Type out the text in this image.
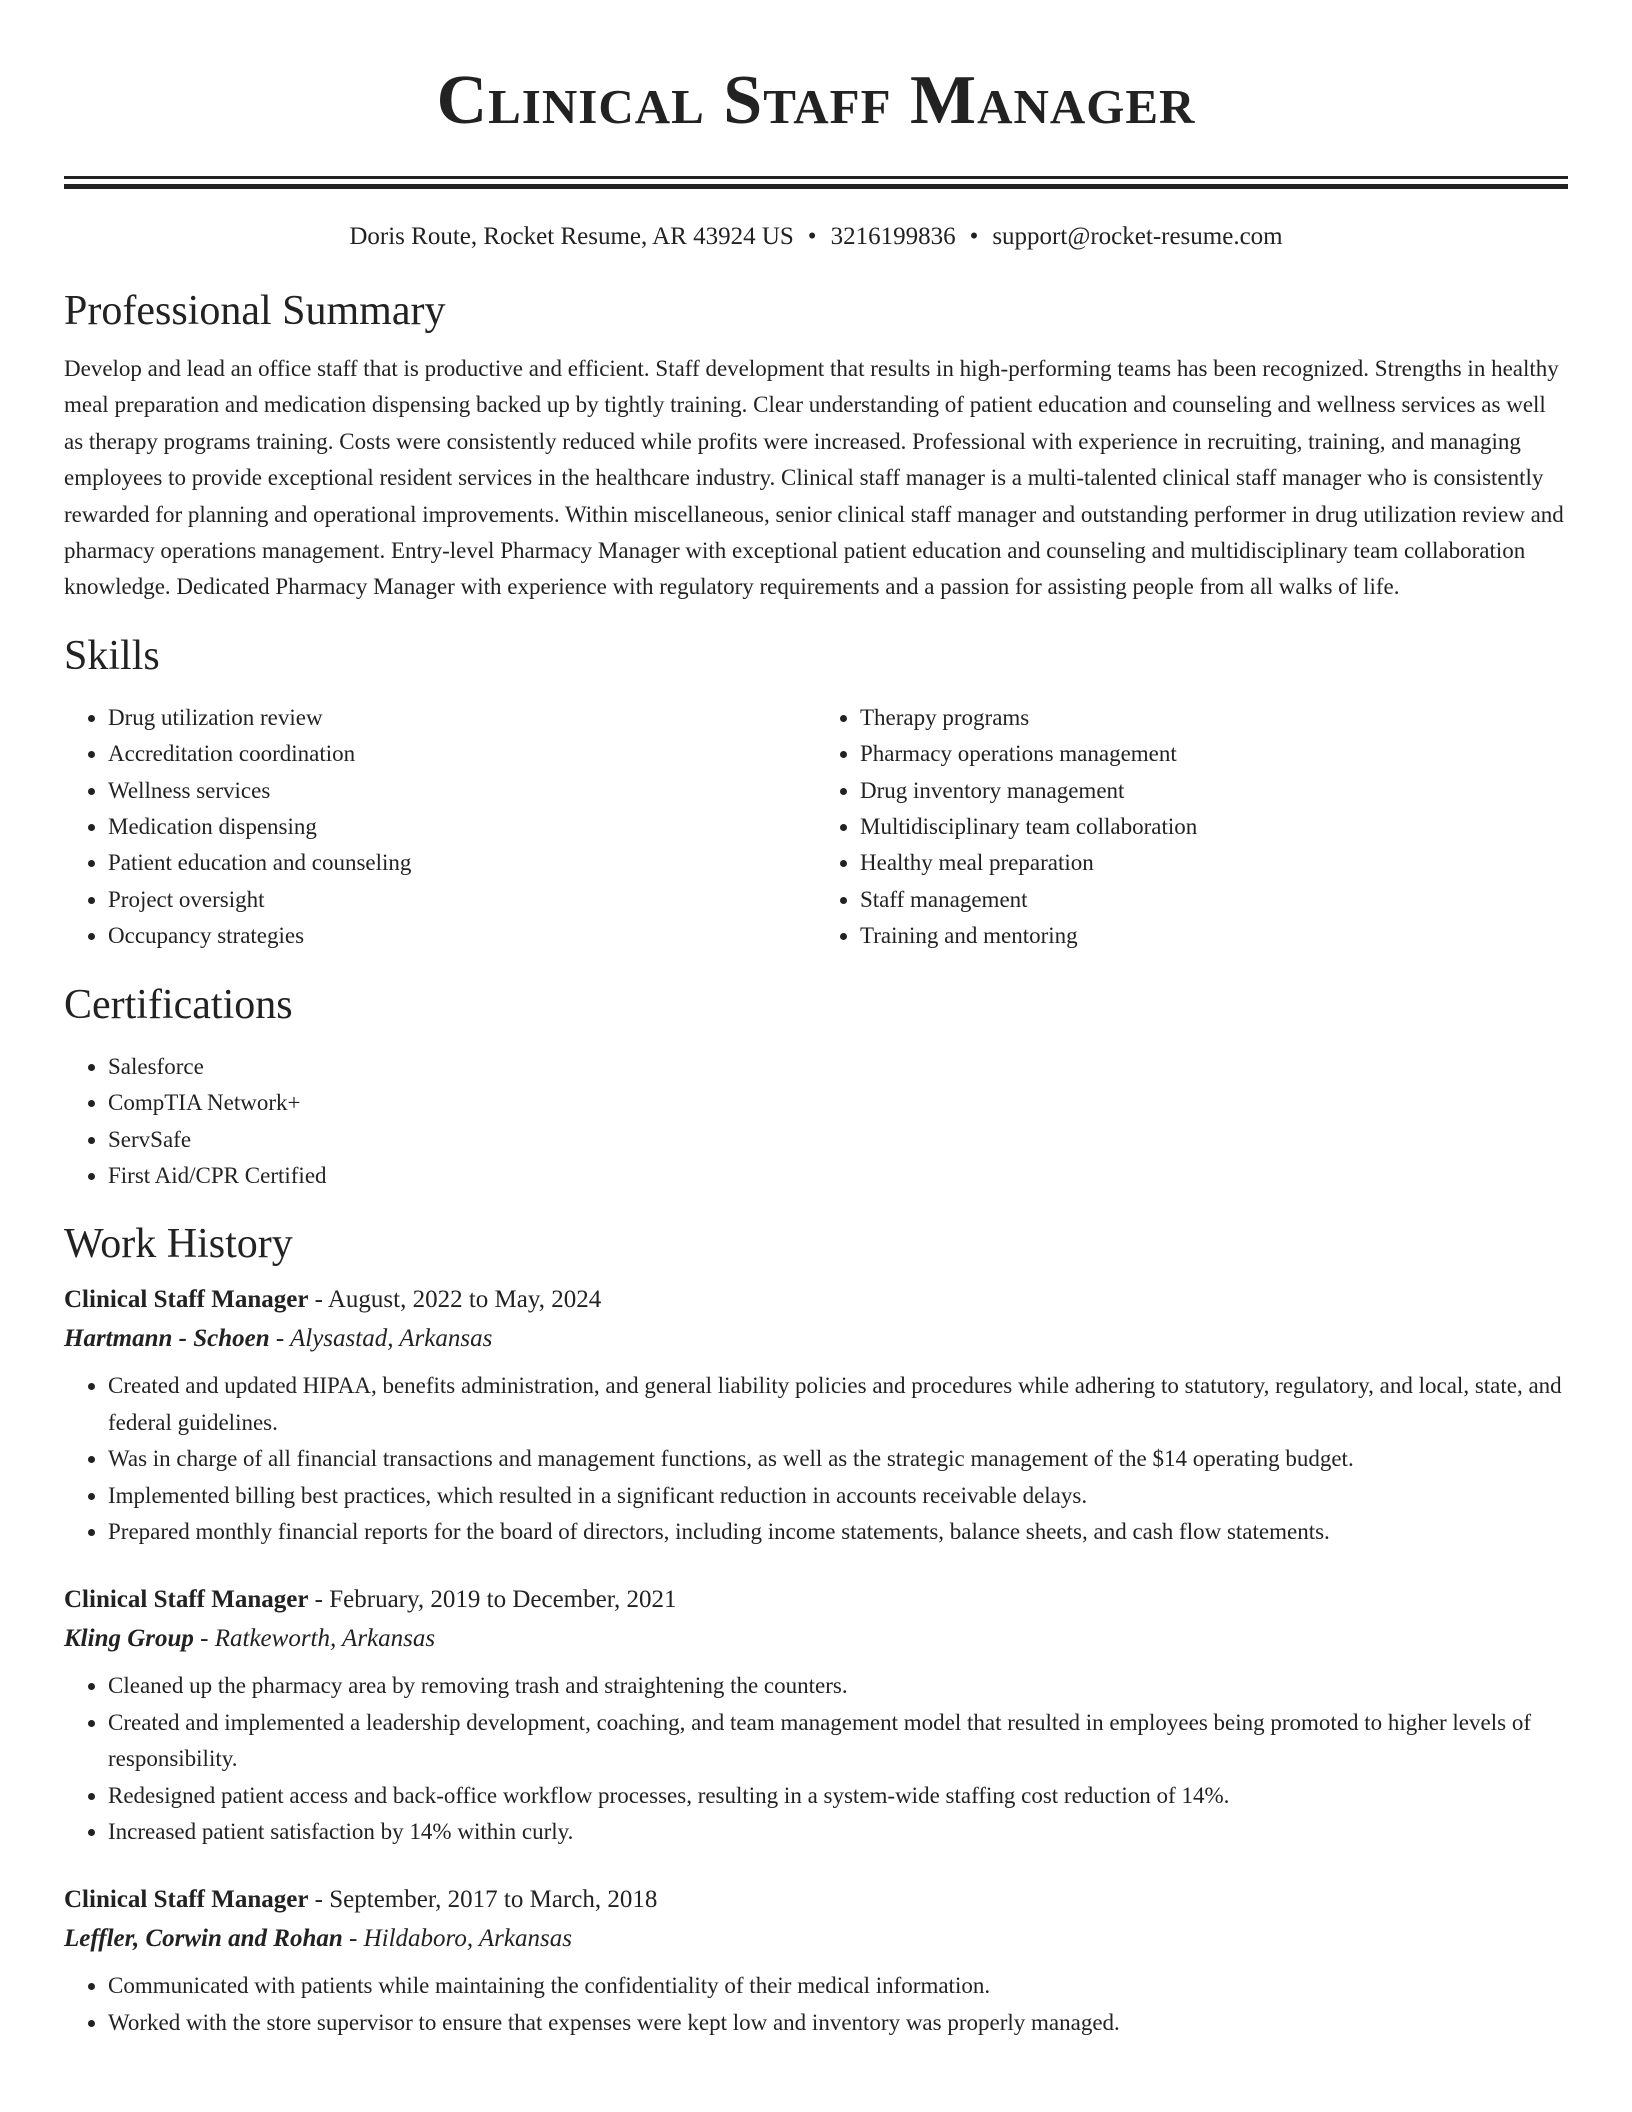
Clinical Staff Manager
Doris Route, Rocket Resume, AR 43924 US • 3216199836 • support@rocket-resume.com
Professional Summary

Develop and lead an office staff that is productive and efficient. Staff development that results in high-performing teams has been recognized. Strengths in healthy meal preparation and medication dispensing backed up by tightly training. Clear understanding of patient education and counseling and wellness services as well as therapy programs training. Costs were consistently reduced while profits were increased. Professional with experience in recruiting, training, and managing employees to provide exceptional resident services in the healthcare industry. Clinical staff manager is a multi-talented clinical staff manager who is consistently rewarded for planning and operational improvements. Within miscellaneous, senior clinical staff manager and outstanding performer in drug utilization review and pharmacy operations management. Entry-level Pharmacy Manager with exceptional patient education and counseling and multidisciplinary team collaboration knowledge. Dedicated Pharmacy Manager with experience with regulatory requirements and a passion for assisting people from all walks of life.

Skills
• Drug utilization review
• Accreditation coordination
• Wellness services
• Medication dispensing
• Patient education and counseling
• Project oversight
• Occupancy strategies
• Therapy programs
• Pharmacy operations management
• Drug inventory management
• Multidisciplinary team collaboration
• Healthy meal preparation
• Staff management
• Training and mentoring
Certifications
• Salesforce
• CompTIA Network+
• ServSafe
• First Aid/CPR Certified
Work History
Clinical Staff Manager - August, 2022 to May, 2024
Hartmann - Schoen - Alysastad, Arkansas
• Created and updated HIPAA, benefits administration, and general liability policies and procedures while adhering to statutory, regulatory, and local, state, and federal guidelines.
• Was in charge of all financial transactions and management functions, as well as the strategic management of the $14 operating budget.
• Implemented billing best practices, which resulted in a significant reduction in accounts receivable delays.
• Prepared monthly financial reports for the board of directors, including income statements, balance sheets, and cash flow statements.
Clinical Staff Manager - February, 2019 to December, 2021
Kling Group - Ratkeworth, Arkansas
• Cleaned up the pharmacy area by removing trash and straightening the counters.
• Created and implemented a leadership development, coaching, and team management model that resulted in employees being promoted to higher levels of responsibility.
• Redesigned patient access and back-office workflow processes, resulting in a system-wide staffing cost reduction of 14%.
• Increased patient satisfaction by 14% within curly.
Clinical Staff Manager - September, 2017 to March, 2018
Leffler, Corwin and Rohan - Hildaboro, Arkansas
• Communicated with patients while maintaining the confidentiality of their medical information.
• Worked with the store supervisor to ensure that expenses were kept low and inventory was properly managed.
